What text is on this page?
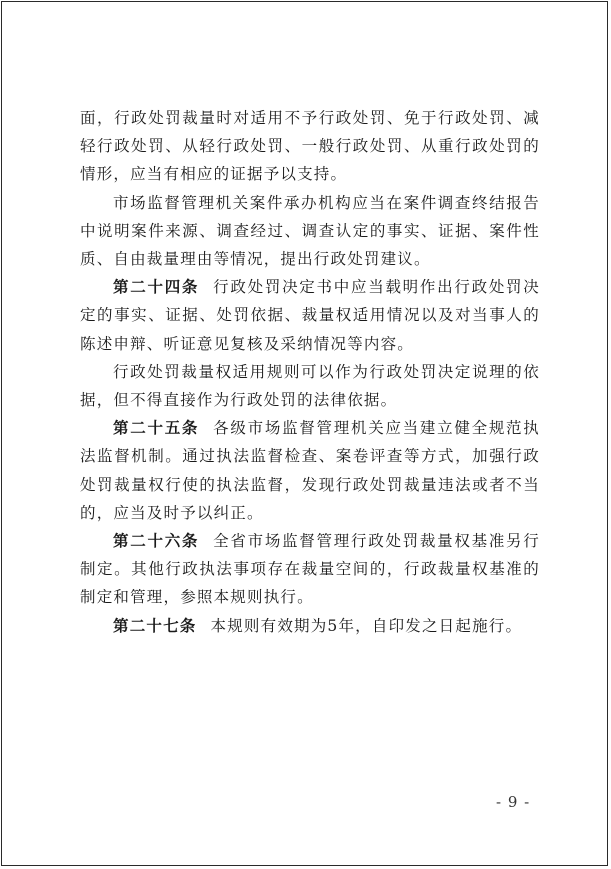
面，行政处罚裁量时对适用不予行政处罚、免于行政处罚、减轻行政处罚、从轻行政处罚、一般行政处罚、从重行政处罚的情形，应当有相应的证据予以支持。

市场监督管理机关案件承办机构应当在案件调查终结报告中说明案件来源、调查经过、调查认定的事实、证据、案件性质、自由裁量理由等情况，提出行政处罚建议。

第二十四条 行政处罚决定书中应当载明作出行政处罚决定的事实、证据、处罚依据、裁量权适用情况以及对当事人的陈述申辩、听证意见复核及采纳情况等内容。

行政处罚裁量权适用规则可以作为行政处罚决定说理的依据，但不得直接作为行政处罚的法律依据。

第二十五条 各级市场监督管理机关应当建立健全规范执法监督机制。通过执法监督检查、案卷评查等方式，加强行政处罚裁量权行使的执法监督，发现行政处罚裁量违法或者不当的，应当及时予以纠正。

第二十六条 全省市场监督管理行政处罚裁量权基准另行制定。其他行政执法事项存在裁量空间的，行政裁量权基准的制定和管理，参照本规则执行。

第二十七条 本规则有效期为5年，自印发之日起施行。

- 9 -
